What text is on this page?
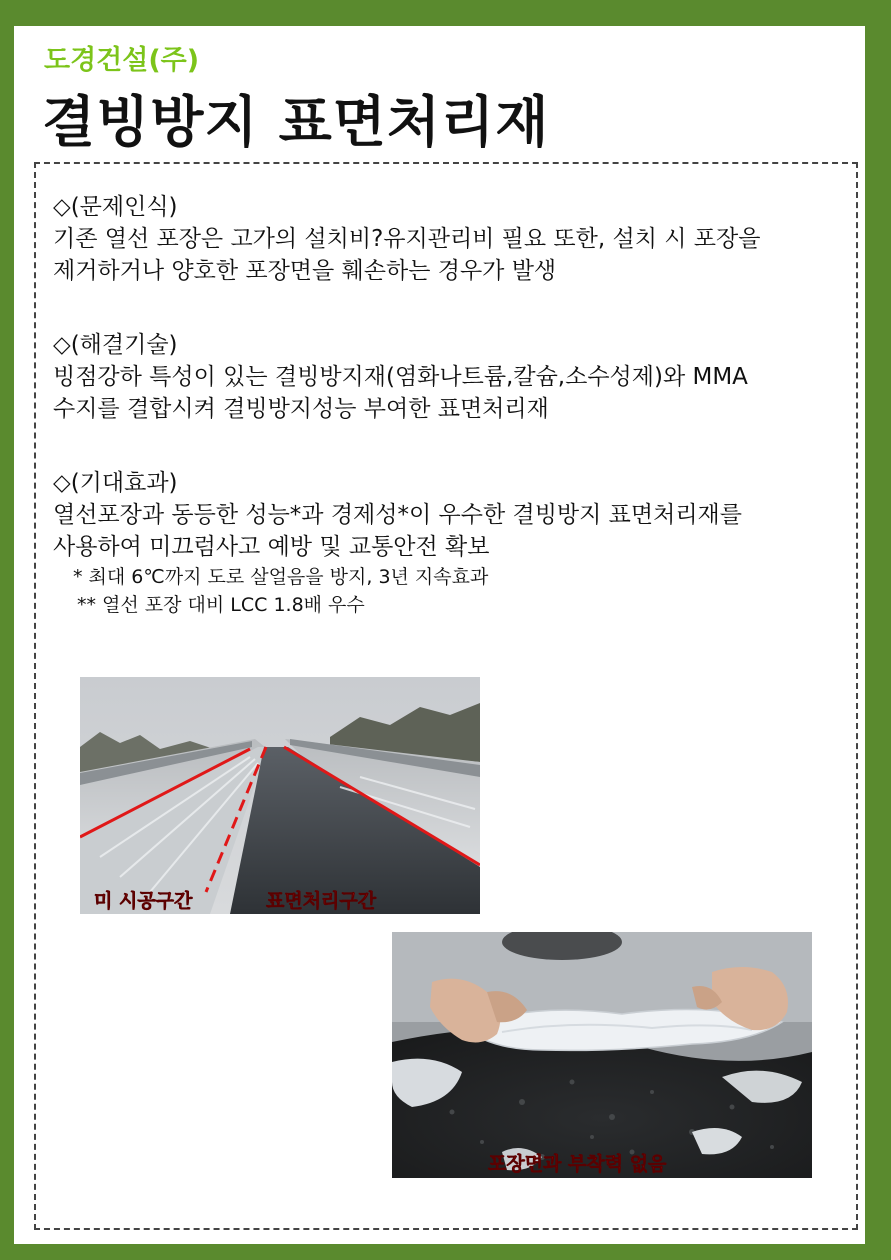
도경건설(주)
결빙방지 표면처리재

◇(문제인식)

기존 열선 포장은 고가의 설치비?유지관리비 필요 또한, 설치 시 포장을

제거하거나 양호한 포장면을 훼손하는 경우가 발생

◇(해결기술)

빙점강하 특성이 있는 결빙방지재(염화나트륨,칼슘,소수성제)와 MMA

수지를 결합시켜 결빙방지성능 부여한 표면처리재

◇(기대효과)

열선포장과 동등한 성능*과 경제성*이 우수한 결빙방지 표면처리재를

사용하여 미끄럼사고 예방 및 교통안전 확보

* 최대 6℃까지 도로 살얼음을 방지, 3년 지속효과

** 열선 포장 대비 LCC 1.8배 우수

미 시공구간	표면처리구간
포장면과 부착력 없음
